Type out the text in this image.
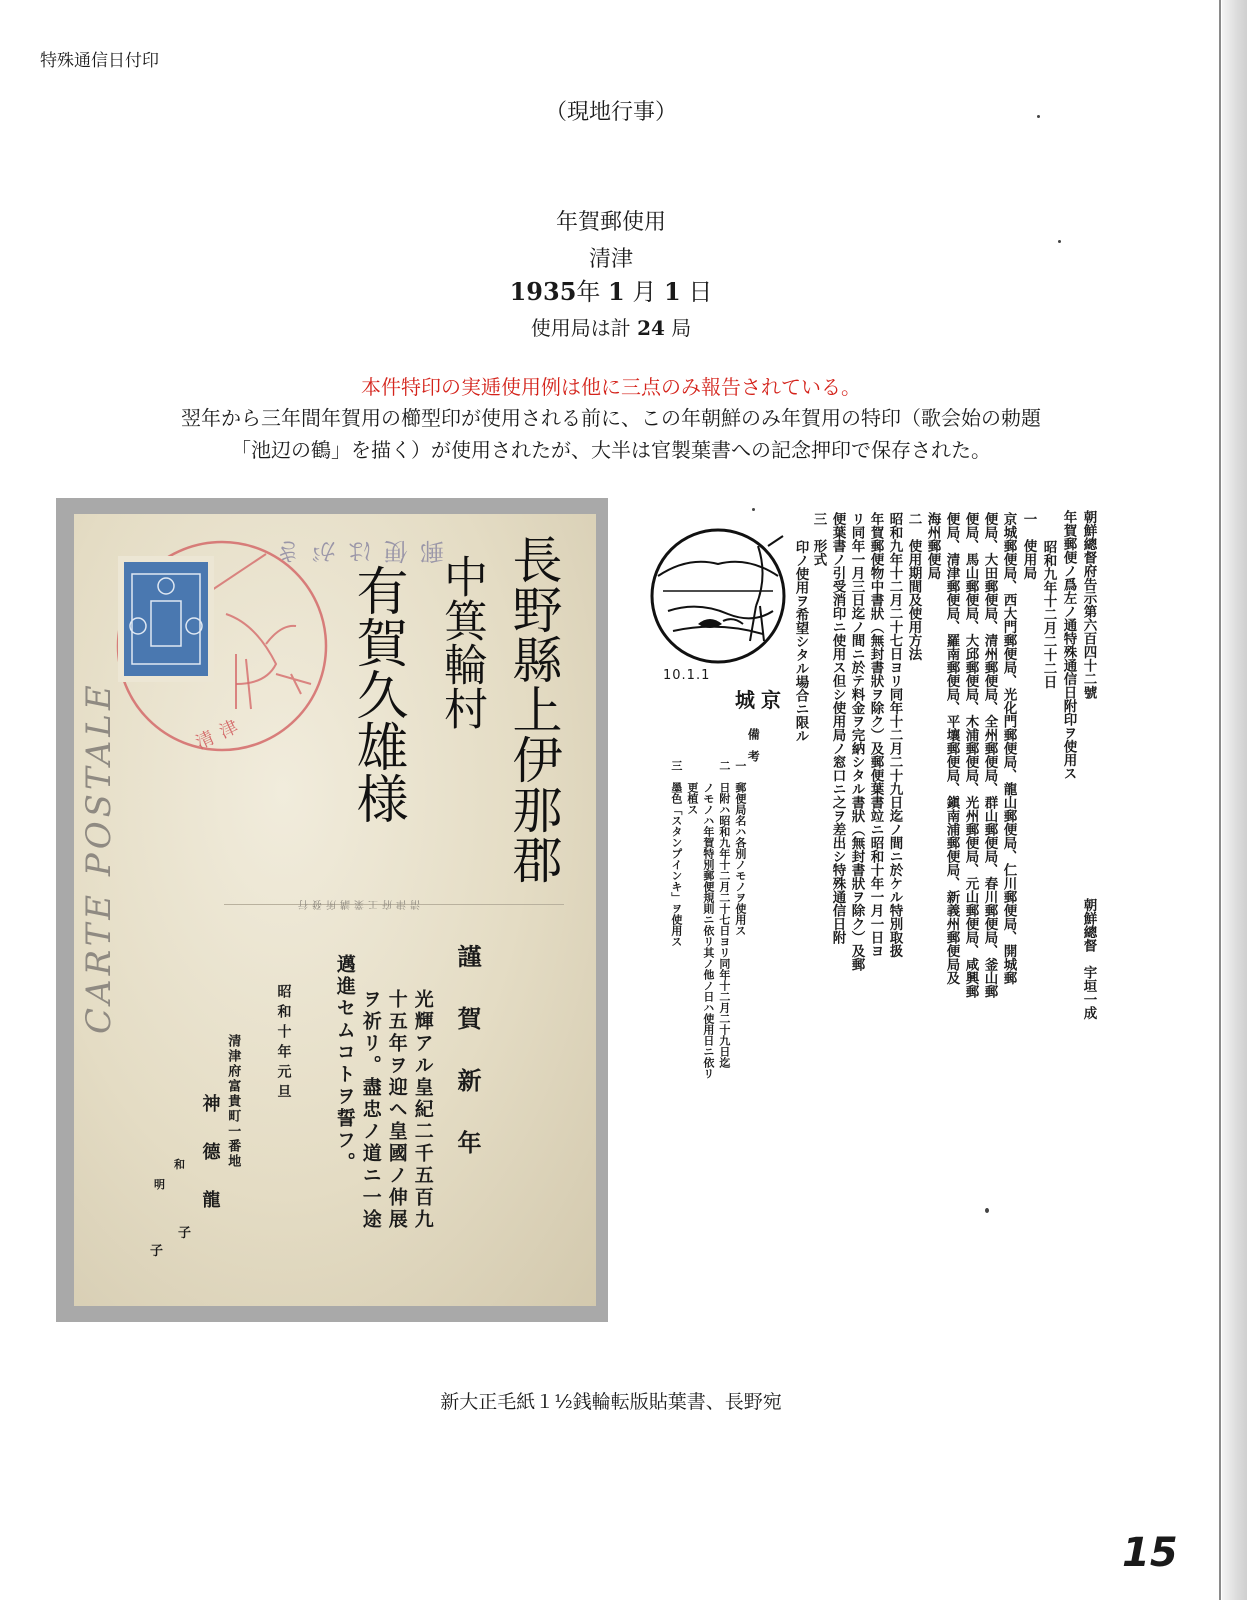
特殊通信日付印
（現地行事）
年賀郵使用
清津
1935年 1 月 1 日
使用局は計 24 局
本件特印の実逓使用例は他に三点のみ報告されている。
翌年から三年間年賀用の櫛型印が使用される前に、この年朝鮮のみ年賀用の特印（歌会始の勅題
「池辺の鶴」を描く）が使用されたが、大半は官製葉書への記念押印で保存された。
郵便はがき
清津	長野縣上伊那郡
中箕輪村
有賀久雄様
CARTE POSTALE	清津府工業講所發行
謹賀新年
光輝アル皇紀二千五百九
十五年ヲ迎ヘ皇國ノ伸展
ヲ祈リ。盡忠ノ道ニ一途
邁進セムコトヲ誓フ。
昭和十年元旦
清津府富貴町一番地
神　德　龍
明
和
子
子
10.1.1
城京
朝鮮總督府告示第六百四十二號
年賀郵便ノ爲左ノ通特殊通信日附印ヲ使用ス
昭和九年十二月二十二日
朝鮮總督　宇垣一成
一　使用局
京城郵便局、西大門郵便局、光化門郵便局、龍山郵便局、仁川郵便局、開城郵
便局、大田郵便局、清州郵便局、全州郵便局、群山郵便局、春川郵便局、釜山郵
便局、馬山郵便局、大邱郵便局、木浦郵便局、光州郵便局、元山郵便局、咸興郵
便局、清津郵便局、羅南郵便局、平壤郵便局、鎭南浦郵便局、新義州郵便局及
海州郵便局
二　使用期間及使用方法
昭和九年十二月二十七日ヨリ同年十二月二十九日迄ノ間ニ於ケル特別取扱
年賀郵便物中書狀（無封書狀ヲ除ク）及郵便葉書竝ニ昭和十年一月一日ヨ
リ同年一月三日迄ノ間ニ於テ料金ヲ完納シタル書狀（無封書狀ヲ除ク）及郵
便葉書ノ引受消印ニ使用ス但シ使用局ノ窓口ニ之ヲ差出シ特殊通信日附
三　形式
印ノ使用ヲ希望シタル場合ニ限ル
備考
一　郵便局名ハ各別ノモノヲ使用ス
二　日附ハ昭和九年十二月二十七日ヨリ同年十二月二十九日迄
　　ノモノハ年賀特別郵便規則ニ依リ其ノ他ノ日ハ使用日ニ依リ
　　更植ス
三　墨色「スタンプインキ」ヲ使用ス
新大正毛紙１½銭輪転版貼葉書、長野宛
15
